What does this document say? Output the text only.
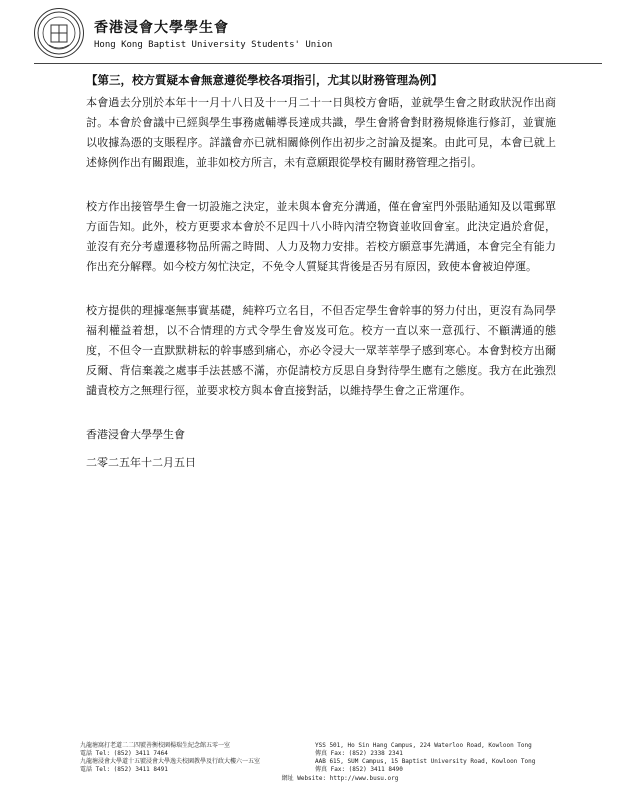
香港浸會大學學生會
Hong Kong Baptist University Students' Union
【第三，校方質疑本會無意遵從學校各項指引，尤其以財務管理為例】

本會過去分別於本年十一月十八日及十一月二十一日與校方會晤，並就學生會之財政狀況作出商討。本會於會議中已經與學生事務處輔導長達成共識，學生會將會對財務規條進行修訂，並實施以收據為憑的支賬程序。詳議會亦已就相關條例作出初步之討論及提案。由此可見，本會已就上述條例作出有關跟進，並非如校方所言，未有意願跟從學校有關財務管理之指引。

校方作出接管學生會一切設施之決定，並未與本會充分溝通，僅在會室門外張貼通知及以電郵單方面告知。此外，校方更要求本會於不足四十八小時內清空物資並收回會室。此決定過於倉促，並沒有充分考慮遷移物品所需之時間、人力及物力安排。若校方願意事先溝通，本會完全有能力作出充分解釋。如今校方匆忙決定，不免令人質疑其背後是否另有原因，致使本會被迫停運。

校方提供的理據毫無事實基礎，純粹巧立名目，不但否定學生會幹事的努力付出，更沒有為同學福利權益着想，以不合情理的方式令學生會岌岌可危。校方一直以來一意孤行、不顧溝通的態度，不但令一直默默耕耘的幹事感到痛心，亦必令浸大一眾莘莘學子感到寒心。本會對校方出爾反爾、背信棄義之處事手法甚感不滿，亦促請校方反思自身對待學生應有之態度。我方在此強烈譴責校方之無理行徑，並要求校方與本會直接對話，以維持學生會之正常運作。

香港浸會大學學生會
二零二五年十二月五日
九龍塘窩打老道二二四號善衡校園楊瑞生紀念館五零一室
電話 Tel: (852) 3411 7464
九龍塘浸會大學道十五號浸會大學逸夫校園教學及行政大樓六一五室
電話 Tel: (852) 3411 8491
YSS 501, Ho Sin Hang Campus, 224 Waterloo Road, Kowloon Tong
傳真 Fax: (852) 2338 2341
AAB 615, SUM Campus, 15 Baptist University Road, Kowloon Tong
傳真 Fax: (852) 3411 8490
網址 Website: http://www.busu.org
